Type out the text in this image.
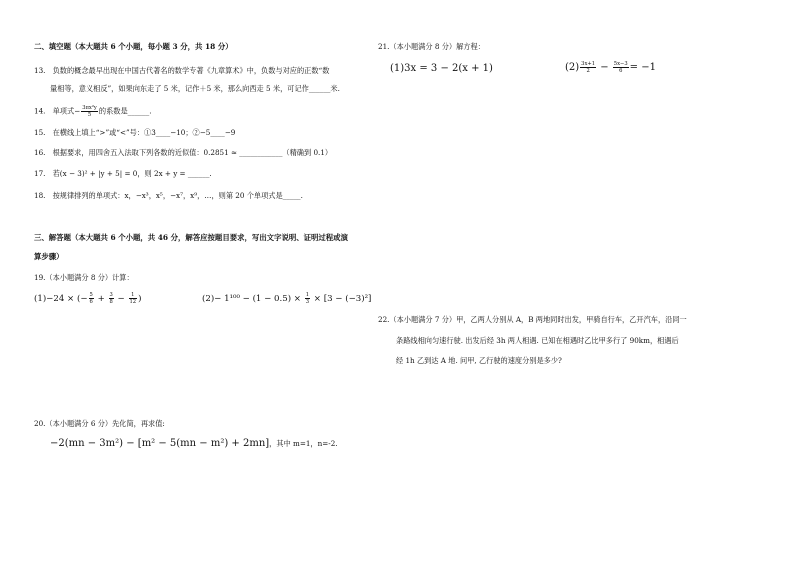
二、填空题（本大题共 6 个小题，每小题 3 分，共 18 分）
13.　负数的概念最早出现在中国古代著名的数学专著《九章算术》中，负数与对应的正数“数
量相等，意义相反”，如果向东走了 5 米，记作＋5 米，那么向西走 5 米，可记作______米.
14.　单项式− $\frac{\text{3πx²y}}{5}$ 的系数是______.
15.　在横线上填上“>”或“<”号：①3____−10；②−5____−9
16.　根据要求，用四舍五入法取下列各数的近似值：0.2851 ≈ ____________（精确到 0.1）
17.　若(x − 3)² + |y + 5| = 0，则 2x + y = ______.
18.　按规律排列的单项式：x，−x³，x⁵，−x⁷，x⁹，…，则第 20 个单项式是_____.
三、解答题（本大题共 6 个小题，共 46 分，解答应按题目要求，写出文字说明、证明过程或演
算步骤）
19.（本小题满分 8 分）计算：
(1)−24 × (− $\frac{5}{6} + \frac{3}{8} - \frac{1}{12}$ )	$(2)- 1^{100} - (1 - 0.5) \times \frac{1}{3} \times [3 - (-3)^2]$
20.（本小题满分 6 分）先化简，再求值:
−2(mn − 3m²) − [m² − 5(mn − m²) + 2mn]，其中 m=1，n=-2.
21.（本小题满分 8 分）解方程：
(1)3x = 3 − 2(x + 1)	$(2) \frac{3x+1}{2} - \frac{5x-3}{6} = -1$
22.（本小题满分 7 分）甲，乙两人分别从 A，B 两地同时出发，甲骑自行车，乙开汽车，沿同一
条路线相向匀速行驶. 出发后经 3h 两人相遇. 已知在相遇时乙比甲多行了 90km，相遇后
经 1h 乙到达 A 地. 问甲, 乙行驶的速度分别是多少?
